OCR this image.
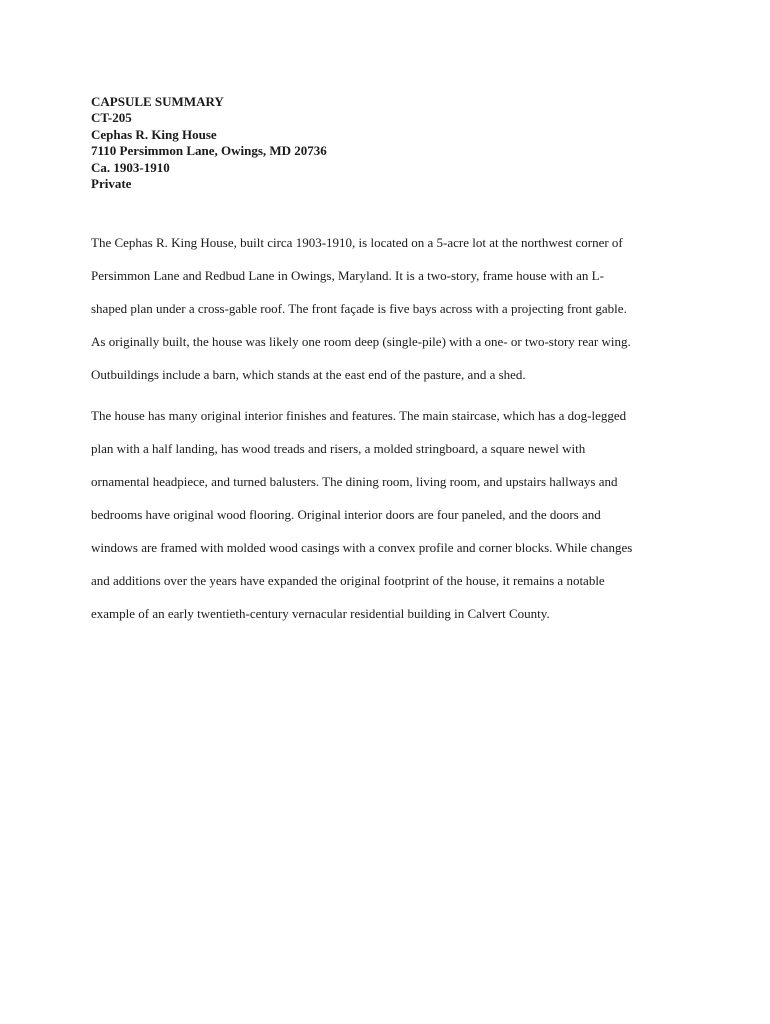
CAPSULE SUMMARY
CT-205
Cephas R. King House
7110 Persimmon Lane, Owings, MD 20736
Ca. 1903-1910
Private
The Cephas R. King House, built circa 1903-1910, is located on a 5-acre lot at the northwest corner of
Persimmon Lane and Redbud Lane in Owings, Maryland. It is a two-story, frame house with an L-
shaped plan under a cross-gable roof. The front façade is five bays across with a projecting front gable.
As originally built, the house was likely one room deep (single-pile) with a one- or two-story rear wing.
Outbuildings include a barn, which stands at the east end of the pasture, and a shed.
The house has many original interior finishes and features. The main staircase, which has a dog-legged
plan with a half landing, has wood treads and risers, a molded stringboard, a square newel with
ornamental headpiece, and turned balusters. The dining room, living room, and upstairs hallways and
bedrooms have original wood flooring. Original interior doors are four paneled, and the doors and
windows are framed with molded wood casings with a convex profile and corner blocks. While changes
and additions over the years have expanded the original footprint of the house, it remains a notable
example of an early twentieth-century vernacular residential building in Calvert County.
